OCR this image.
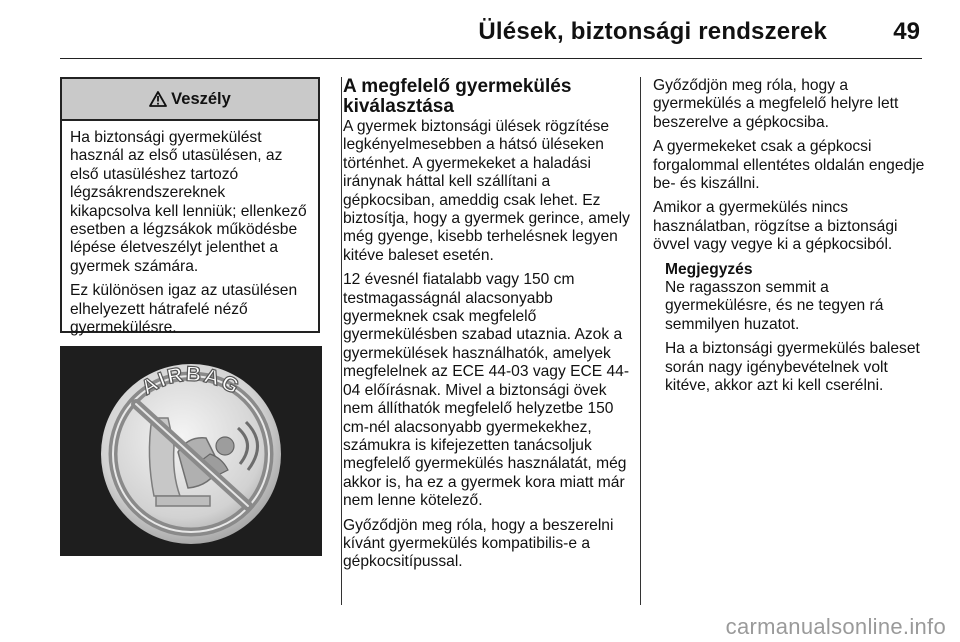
Ülések, biztonsági rendszerek	49
Veszély

Ha biztonsági gyermekülést használ az első utasülésen, az első utasüléshez tartozó légzsákrendszereknek kikapcsolva kell lenniük; ellenkező esetben a légzsákok működésbe lépése életveszélyt jelenthet a gyermek számára.

Ez különösen igaz az utasülésen elhelyezett hátrafelé néző gyermekülésre.

AIRBAG
A megfelelő gyermekülés kiválasztása

A gyermek biztonsági ülések rögzítése legkényelmesebben a hátsó üléseken történhet. A gyermekeket a haladási iránynak háttal kell szállítani a gépkocsiban, ameddig csak lehet. Ez biztosítja, hogy a gyermek gerince, amely még gyenge, kisebb terhelésnek legyen kitéve baleset esetén.

12 évesnél fiatalabb vagy 150 cm testmagasságnál alacsonyabb gyermeknek csak megfelelő gyermekülésben szabad utaznia. Azok a gyermekülések használhatók, amelyek megfelelnek az ECE 44-03 vagy ECE 44-04 előírásnak. Mivel a biztonsági övek nem állíthatók megfelelő helyzetbe 150 cm-nél alacsonyabb gyermekekhez, számukra is kifejezetten tanácsoljuk megfelelő gyermekülés használatát, még akkor is, ha ez a gyermek kora miatt már nem lenne kötelező.

Győződjön meg róla, hogy a beszerelni kívánt gyermekülés kompatibilis-e a gépkocsitípussal.

Győződjön meg róla, hogy a gyermekülés a megfelelő helyre lett beszerelve a gépkocsiba.

A gyermekeket csak a gépkocsi forgalommal ellentétes oldalán engedje be- és kiszállni.

Amikor a gyermekülés nincs használatban, rögzítse a biztonsági övvel vagy vegye ki a gépkocsiból.

Megjegyzés

Ne ragasszon semmit a gyermekülésre, és ne tegyen rá semmilyen huzatot.

Ha a biztonsági gyermekülés baleset során nagy igénybevételnek volt kitéve, akkor azt ki kell cserélni.

carmanualsonline.info
